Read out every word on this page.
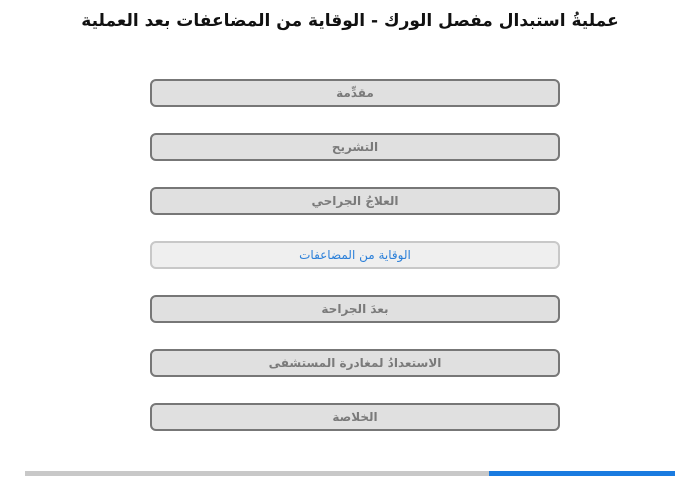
عمليةُ استبدال مفصل الورك - الوقاية من المضاعفات بعد العملية
مقدِّمة
التشريح
العلاجُ الجراحي
الوقاية من المضاعفات
بعدَ الجراحة
الاستعدادُ لمغادرة المستشفى
الخلاصة
